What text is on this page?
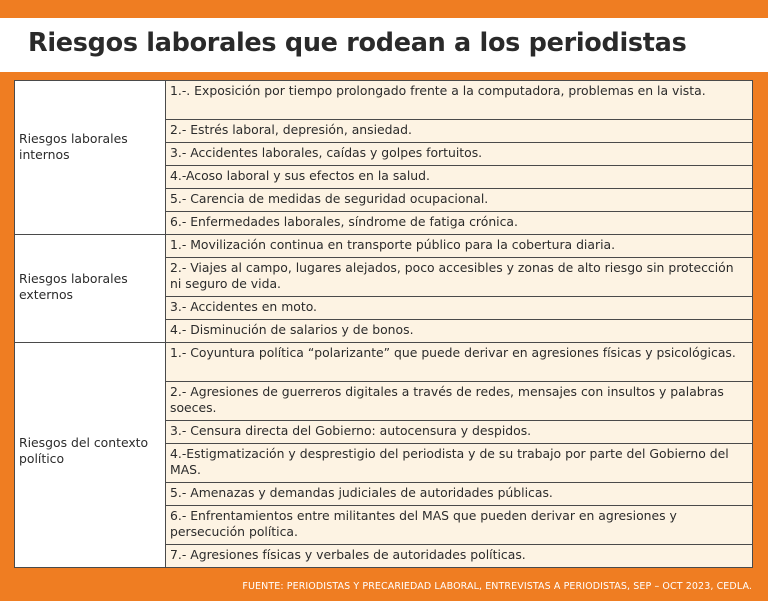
Riesgos laborales que rodean a los periodistas
Riesgos laborales internos	1.-. Exposición por tiempo prolongado frente a la computadora, problemas en la vista.
	2.- Estrés laboral, depresión, ansiedad.
	3.- Accidentes laborales, caídas y golpes fortuitos.
	4.-Acoso laboral y sus efectos en la salud.
	5.- Carencia de medidas de seguridad ocupacional.
	6.- Enfermedades laborales, síndrome de fatiga crónica.

Riesgos laborales externos	1.- Movilización continua en transporte público para la cobertura diaria.
	2.- Viajes al campo, lugares alejados, poco accesibles y zonas de alto riesgo sin protección ni seguro de vida.
	3.- Accidentes en moto.
	4.- Disminución de salarios y de bonos.

Riesgos del contexto político	1.- Coyuntura política “polarizante” que puede derivar en agresiones físicas y psicológicas.
	2.- Agresiones de guerreros digitales a través de redes, mensajes con insultos y palabras soeces.
	3.- Censura directa del Gobierno: autocensura y despidos.
	4.-Estigmatización y desprestigio del periodista y de su trabajo por parte del Gobierno del MAS.
	5.- Amenazas y demandas judiciales de autoridades públicas.
	6.- Enfrentamientos entre militantes del MAS que pueden derivar en agresiones y persecución política.
	7.- Agresiones físicas y verbales de autoridades políticas.
FUENTE: PERIODISTAS Y PRECARIEDAD LABORAL, ENTREVISTAS A PERIODISTAS, SEP – OCT 2023, CEDLA.
